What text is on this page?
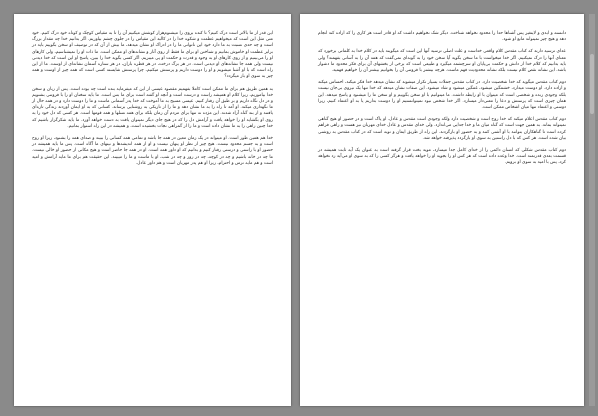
این قدر از ما بالاتر است درک کنیم؟ تا کنده بروی را میشنوم‌هزار کوشش میکنیم آن را تا به مقیاس کوچک و کوتاه خود درک کنیم. خود متی مثل این است که میخواهیم عظمت و شکوه خدا را در کالبد این مقیاس را در جلوی چشم بیاوریم. اگر بدانیم خدا چه مقدار بزرگ است و چه حدی نسبت به ما دارد خود این ناتوانی ما را در ادراک او نشان میدهد، ما بیش از آن که در توصیف او سخن بگوییم باید در برابر عظمت او خاموش بمانیم و شناختن او برای ما فقط از روی آثار و نشانه‌های او ممکن است. ما ذات او را نمیشناسیم، ولی کارهای او را می‌بینیم و از روی کارهای او به وجود و قدرت و حکمت او پی میبریم. اگر کسی بگوید خدا را ببین، پاسخ او این است که خدا دیدنی نیست ولی همه جا نشانه‌های او دیدنی است. در هر برگ درخت، در هر قطره باران، در هر ستاره آسمان نشانه‌ای از اوست. ما از این راه است که با او آشنا میشویم و او را دوست داریم و پرستش میکنیم، چرا پرستش شایسته کسی است که همه چیز از اوست و همه چیز به سوی او باز میگردد؟

به همین طریق هم برای ما ممکن است کاملا بفهمیم مقصود عیسی از این که میفرماید بنده است چه بوده است. پس از زبان و سخن خدا بیاموزیم، زیرا کلام او همیشه راست و درست است و آنچه او گفته است برای ما بس است. ما باید سخنان او را با فروتنی بشنویم و در دل نگاه داریم و بر طبق آن رفتار کنیم. عیسی مسیح به ما آموخت که خدا پدر آسمانی ماست و ما را دوست دارد و در همه حال از ما نگهداری میکند. او آمد تا راه را به ما نشان دهد و ما را از تاریکی به روشنایی برساند. کسانی که به او ایمان آوردند زندگی تازه‌ای یافتند و از بند گناه آزاد شدند. این مژده نه تنها برای مردم آن زمان بلکه برای همه نسلها و همه قومها است. هر کسی که دل خود را به روی او بگشاید او را خواهد یافت و آرامش دل را که در هیچ جای دیگر نمیتوان یافت به دست خواهد آورد. ما باید شکرگزار باشیم که خدا چنین راهی را به ما نشان داده است و ما را از گمراهی نجات بخشیده است، و همیشه در این راه استوار بمانیم.

خدا هم همین طور است. او میتواند در یک زمان معین در همه جا باشد و تمامی همه کسانی را ببیند و صدای همه را بشنود، زیرا او روح است و به جسم محدود نیست. هیچ چیز از نظر او پنهان نیست و او از همه اندیشه‌ها و نیتهای ما آگاه است. پس ما باید همیشه در حضور او با راستی و درستی رفتار کنیم و بدانیم که او داور همه است. او در همه جا حاضر است و هیچ مکانی از حضور او خالی نیست. ما چه در خانه باشیم و چه در کوچه، چه در روز و چه در شب، او با ماست و ما را میبیند. این حقیقت هم برای ما مایه آرامش و امید است و هم مایه ترس و احترام، زیرا او هم پدر مهربان است و هم داور عادل.

دانسته و ابدی و لایتغیر پس آشناها حدا را محدود نخواهد شناخت. دیگر شک نخواهیم داشت که او قادر است هر کاری را که اراده کند انجام دهد و هیچ چیز نمیتواند مانع او شود.

عدای ترسید دارند که کتاب مقدس کلام واقعی خداست و علت اصلی ترسید آنها این است که میگویند باید در کلام خدا به کلماتی برخورد که معنای آنها را درک نمیکنیم. اگر خدا میخواست با ما سخن بگوید آیا سخن خود را به گونه‌ای نمی‌گفت که همه آن را به آسانی بفهمند؟ ولی باید بدانیم که کلام خدا از دانش و حکمت بی‌پایان او سرچشمه میگیرد و طبیعی است که برخی از بخشهای آن برای فکر محدود ما دشوار باشد. این نشانه نقص کلام نیست بلکه نشانه محدودیت فهم ماست. هرچه بیشتر با فروتنی آن را بخوانیم بیشتر آن را خواهیم فهمید.

دوم کتاب مقدس میگوید که خدا شخصیت دارد. در کتاب مقدس جملات بسیار تکرار میشوند که نشان میدهد خدا فکر میکند، احساس میکند و اراده دارد. او دوست میدارد، خشمگین میشود، غمگین میشود و شاد میشود. این صفات نشان میدهد که خدا تنها یک نیروی بی‌جان نیست بلکه وجودی زنده و شخصی است که میتوان با او رابطه داشت. ما میتوانیم با او سخن بگوییم و او سخن ما را میشنود و پاسخ میدهد. این همان چیزی است که پرستش و دعا را معنی‌دار میسازد. اگر خدا شخص نبود نمیتوانستیم او را دوست بداریم یا به او اعتماد کنیم، زیرا دوستی و اعتماد تنها میان اشخاص ممکن است.

دوم کتاب مقدس اعلام میکند که خدا روح است و شخصیت دارد ولکه وجودی است مقدس و عادل. او پاک است و در حضور او هیچ گناهی نمیتواند بماند. به همین جهت است که گناه میان ما و خدا جدایی می‌اندازد. ولی خدای مقدس و عادل خدای مهربان نیز هست و راهی فراهم کرده است تا گناهکاران بتوانند با او آشتی کنند و به حضور او بازگردند. این راه از طریق ایمان و توبه است که در کتاب مقدس به روشنی بیان شده است. هر کس که با دل راستین به سوی او بازگردد پذیرفته خواهد شد.

دوم کتاب مقدس شکلی که انسان دائمی را از خدای کامل جدا میسازد، موید بخت قرار گرفته است به عنوان یک آیه ثابت همیشه در قسمت بعدی قدرتمند است. خدا وعده داده است که هر کس او را بجوید او را خواهد یافت و هرگز کسی را که به سوی او می‌آید رد نخواهد کرد، پس با امید به سوی او برویم.
